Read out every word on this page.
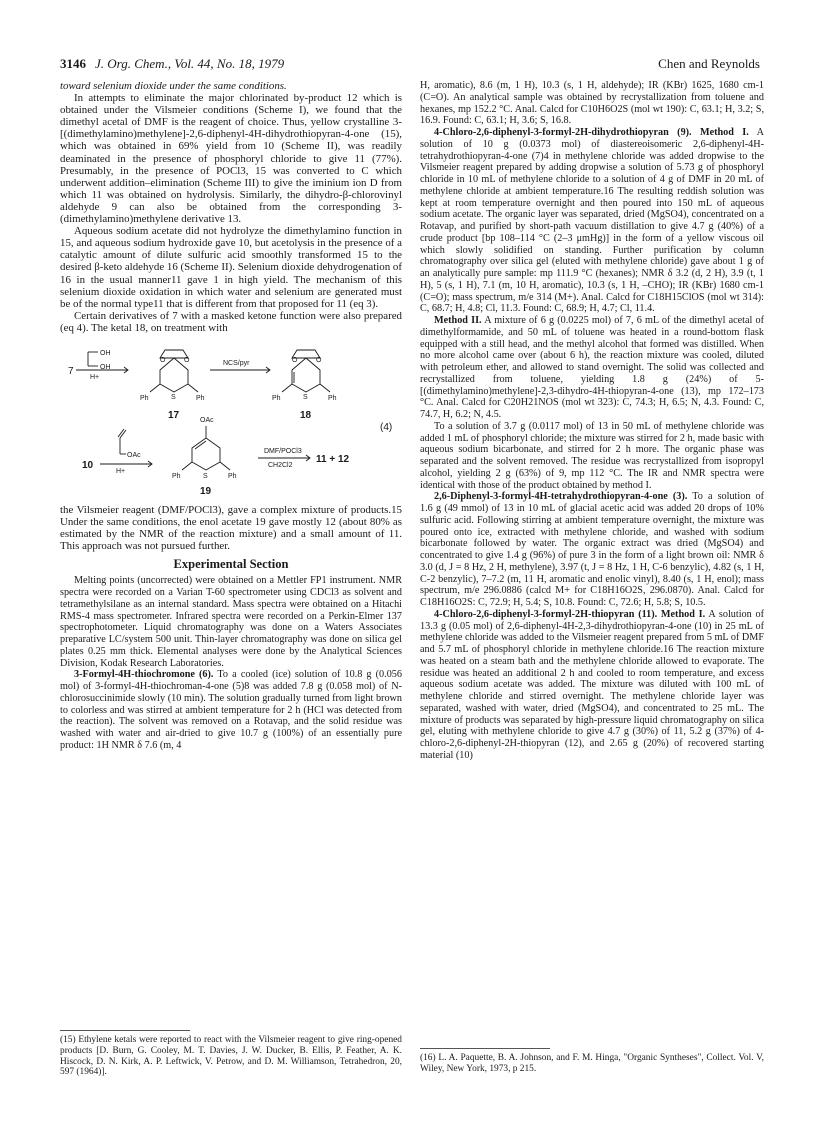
3146 J. Org. Chem., Vol. 44, No. 18, 1979	Chen and Reynolds

toward selenium dioxide under the same conditions.

In attempts to eliminate the major chlorinated by-product 12 which is obtained under the Vilsmeier conditions (Scheme I), we found that the dimethyl acetal of DMF is the reagent of choice. Thus, yellow crystalline 3-[(dimethylamino)methylene]-2,6-diphenyl-4H-dihydrothiopyran-4-one (15), which was obtained in 69% yield from 10 (Scheme II), was readily deaminated in the presence of phosphoryl chloride to give 11 (77%). Presumably, in the presence of POCl3, 15 was converted to C which underwent addition–elimination (Scheme III) to give the iminium ion D from which 11 was obtained on hydrolysis. Similarly, the dihydro-β-chlorovinyl aldehyde 9 can also be obtained from the corresponding 3-(dimethylamino)methylene derivative 13.

Aqueous sodium acetate did not hydrolyze the dimethylamino function in 15, and aqueous sodium hydroxide gave 10, but acetolysis in the presence of a catalytic amount of dilute sulfuric acid smoothly transformed 15 to the desired β-keto aldehyde 16 (Scheme II). Selenium dioxide dehydrogenation of 16 in the usual manner11 gave 1 in high yield. The mechanism of this selenium dioxide oxidation in which water and selenium are generated must be of the normal type11 that is different from that proposed for 11 (eq 3).

Certain derivatives of 7 with a masked ketone function were also prepared (eq 4). The ketal 18, on treatment with

OH
OH
7
H+
O	O
S
Ph	Ph
17
NCS/pyr	O	O
S
Ph	Ph
18
(4)
10
OAc
H+
OAc
S
Ph	Ph
19
DMF/POCl3
CH2Cl2
11 + 12

the Vilsmeier reagent (DMF/POCl3), gave a complex mixture of products.15 Under the same conditions, the enol acetate 19 gave mostly 12 (about 80% as estimated by the NMR of the reaction mixture) and a small amount of 11. This approach was not pursued further.

Experimental Section

Melting points (uncorrected) were obtained on a Mettler FP1 instrument. NMR spectra were recorded on a Varian T-60 spectrometer using CDCl3 as solvent and tetramethylsilane as an internal standard. Mass spectra were obtained on a Hitachi RMS-4 mass spectrometer. Infrared spectra were recorded on a Perkin-Elmer 137 spectrophotometer. Liquid chromatography was done on a Waters Associates preparative LC/system 500 unit. Thin-layer chromatography was done on silica gel plates 0.25 mm thick. Elemental analyses were done by the Analytical Sciences Division, Kodak Research Laboratories.

3-Formyl-4H-thiochromone (6). To a cooled (ice) solution of 10.8 g (0.056 mol) of 3-formyl-4H-thiochroman-4-one (5)8 was added 7.8 g (0.058 mol) of N-chlorosuccinimide slowly (10 min). The solution gradually turned from light brown to colorless and was stirred at ambient temperature for 2 h (HCl was detected from the reaction). The solvent was removed on a Rotavap, and the solid residue was washed with water and air-dried to give 10.7 g (100%) of an essentially pure product: 1H NMR δ 7.6 (m, 4

H, aromatic), 8.6 (m, 1 H), 10.3 (s, 1 H, aldehyde); IR (KBr) 1625, 1680 cm-1 (C=O). An analytical sample was obtained by recrystallization from toluene and hexanes, mp 152.2 °C. Anal. Calcd for C10H6O2S (mol wt 190): C, 63.1; H, 3.2; S, 16.9. Found: C, 63.1; H, 3.6; S, 16.8.

4-Chloro-2,6-diphenyl-3-formyl-2H-dihydrothiopyran (9). Method I. A solution of 10 g (0.0373 mol) of diastereoisomeric 2,6-diphenyl-4H-tetrahydrothiopyran-4-one (7)4 in methylene chloride was added dropwise to the Vilsmeier reagent prepared by adding dropwise a solution of 5.73 g of phosphoryl chloride in 10 mL of methylene chloride to a solution of 4 g of DMF in 20 mL of methylene chloride at ambient temperature.16 The resulting reddish solution was kept at room temperature overnight and then poured into 150 mL of aqueous sodium acetate. The organic layer was separated, dried (MgSO4), concentrated on a Rotavap, and purified by short-path vacuum distillation to give 4.7 g (40%) of a crude product [bp 108–114 °C (2–3 μmHg)] in the form of a yellow viscous oil which slowly solidified on standing. Further purification by column chromatography over silica gel (eluted with methylene chloride) gave about 1 g of an analytically pure sample: mp 111.9 °C (hexanes); NMR δ 3.2 (d, 2 H), 3.9 (t, 1 H), 5 (s, 1 H), 7.1 (m, 10 H, aromatic), 10.3 (s, 1 H, –CHO); IR (KBr) 1680 cm-1 (C=O); mass spectrum, m/e 314 (M+). Anal. Calcd for C18H15ClOS (mol wt 314): C, 68.7; H, 4.8; Cl, 11.3. Found: C, 68.9; H, 4.7; Cl, 11.4.

Method II. A mixture of 6 g (0.0225 mol) of 7, 6 mL of the dimethyl acetal of dimethylformamide, and 50 mL of toluene was heated in a round-bottom flask equipped with a still head, and the methyl alcohol that formed was distilled. When no more alcohol came over (about 6 h), the reaction mixture was cooled, diluted with petroleum ether, and allowed to stand overnight. The solid was collected and recrystallized from toluene, yielding 1.8 g (24%) of 5-[(dimethylamino)methylene]-2,3-dihydro-4H-thiopyran-4-one (13), mp 172–173 °C. Anal. Calcd for C20H21NOS (mol wt 323): C, 74.3; H, 6.5; N, 4.3. Found: C, 74.7, H, 6.2; N, 4.5.

To a solution of 3.7 g (0.0117 mol) of 13 in 50 mL of methylene chloride was added 1 mL of phosphoryl chloride; the mixture was stirred for 2 h, made basic with aqueous sodium bicarbonate, and stirred for 2 h more. The organic phase was separated and the solvent removed. The residue was recrystallized from isopropyl alcohol, yielding 2 g (63%) of 9, mp 112 °C. The IR and NMR spectra were identical with those of the product obtained by method I.

2,6-Diphenyl-3-formyl-4H-tetrahydrothiopyran-4-one (3). To a solution of 1.6 g (49 mmol) of 13 in 10 mL of glacial acetic acid was added 20 drops of 10% sulfuric acid. Following stirring at ambient temperature overnight, the mixture was poured onto ice, extracted with methylene chloride, and washed with sodium bicarbonate followed by water. The organic extract was dried (MgSO4) and concentrated to give 1.4 g (96%) of pure 3 in the form of a light brown oil: NMR δ 3.0 (d, J = 8 Hz, 2 H, methylene), 3.97 (t, J = 8 Hz, 1 H, C-6 benzylic), 4.82 (s, 1 H, C-2 benzylic), 7–7.2 (m, 11 H, aromatic and enolic vinyl), 8.40 (s, 1 H, enol); mass spectrum, m/e 296.0886 (calcd M+ for C18H16O2S, 296.0870). Anal. Calcd for C18H16O2S: C, 72.9; H, 5.4; S, 10.8. Found: C, 72.6; H, 5.8; S, 10.5.

4-Chloro-2,6-diphenyl-3-formyl-2H-thiopyran (11). Method I. A solution of 13.3 g (0.05 mol) of 2,6-diphenyl-4H-2,3-dihydrothiopyran-4-one (10) in 25 mL of methylene chloride was added to the Vilsmeier reagent prepared from 5 mL of DMF and 5.7 mL of phosphoryl chloride in methylene chloride.16 The reaction mixture was heated on a steam bath and the methylene chloride allowed to evaporate. The residue was heated an additional 2 h and cooled to room temperature, and excess aqueous sodium acetate was added. The mixture was diluted with 100 mL of methylene chloride and stirred overnight. The methylene chloride layer was separated, washed with water, dried (MgSO4), and concentrated to 25 mL. The mixture of products was separated by high-pressure liquid chromatography on silica gel, eluting with methylene chloride to give 4.7 g (30%) of 11, 5.2 g (37%) of 4-chloro-2,6-diphenyl-2H-thiopyran (12), and 2.65 g (20%) of recovered starting material (10)

(15) Ethylene ketals were reported to react with the Vilsmeier reagent to give ring-opened products [D. Burn, G. Cooley, M. T. Davies, J. W. Ducker, B. Ellis, P. Feather, A. K. Hiscock, D. N. Kirk, A. P. Leftwick, V. Petrow, and D. M. Williamson, Tetrahedron, 20, 597 (1964)].
(16) L. A. Paquette, B. A. Johnson, and F. M. Hinga, "Organic Syntheses", Collect. Vol. V, Wiley, New York, 1973, p 215.
